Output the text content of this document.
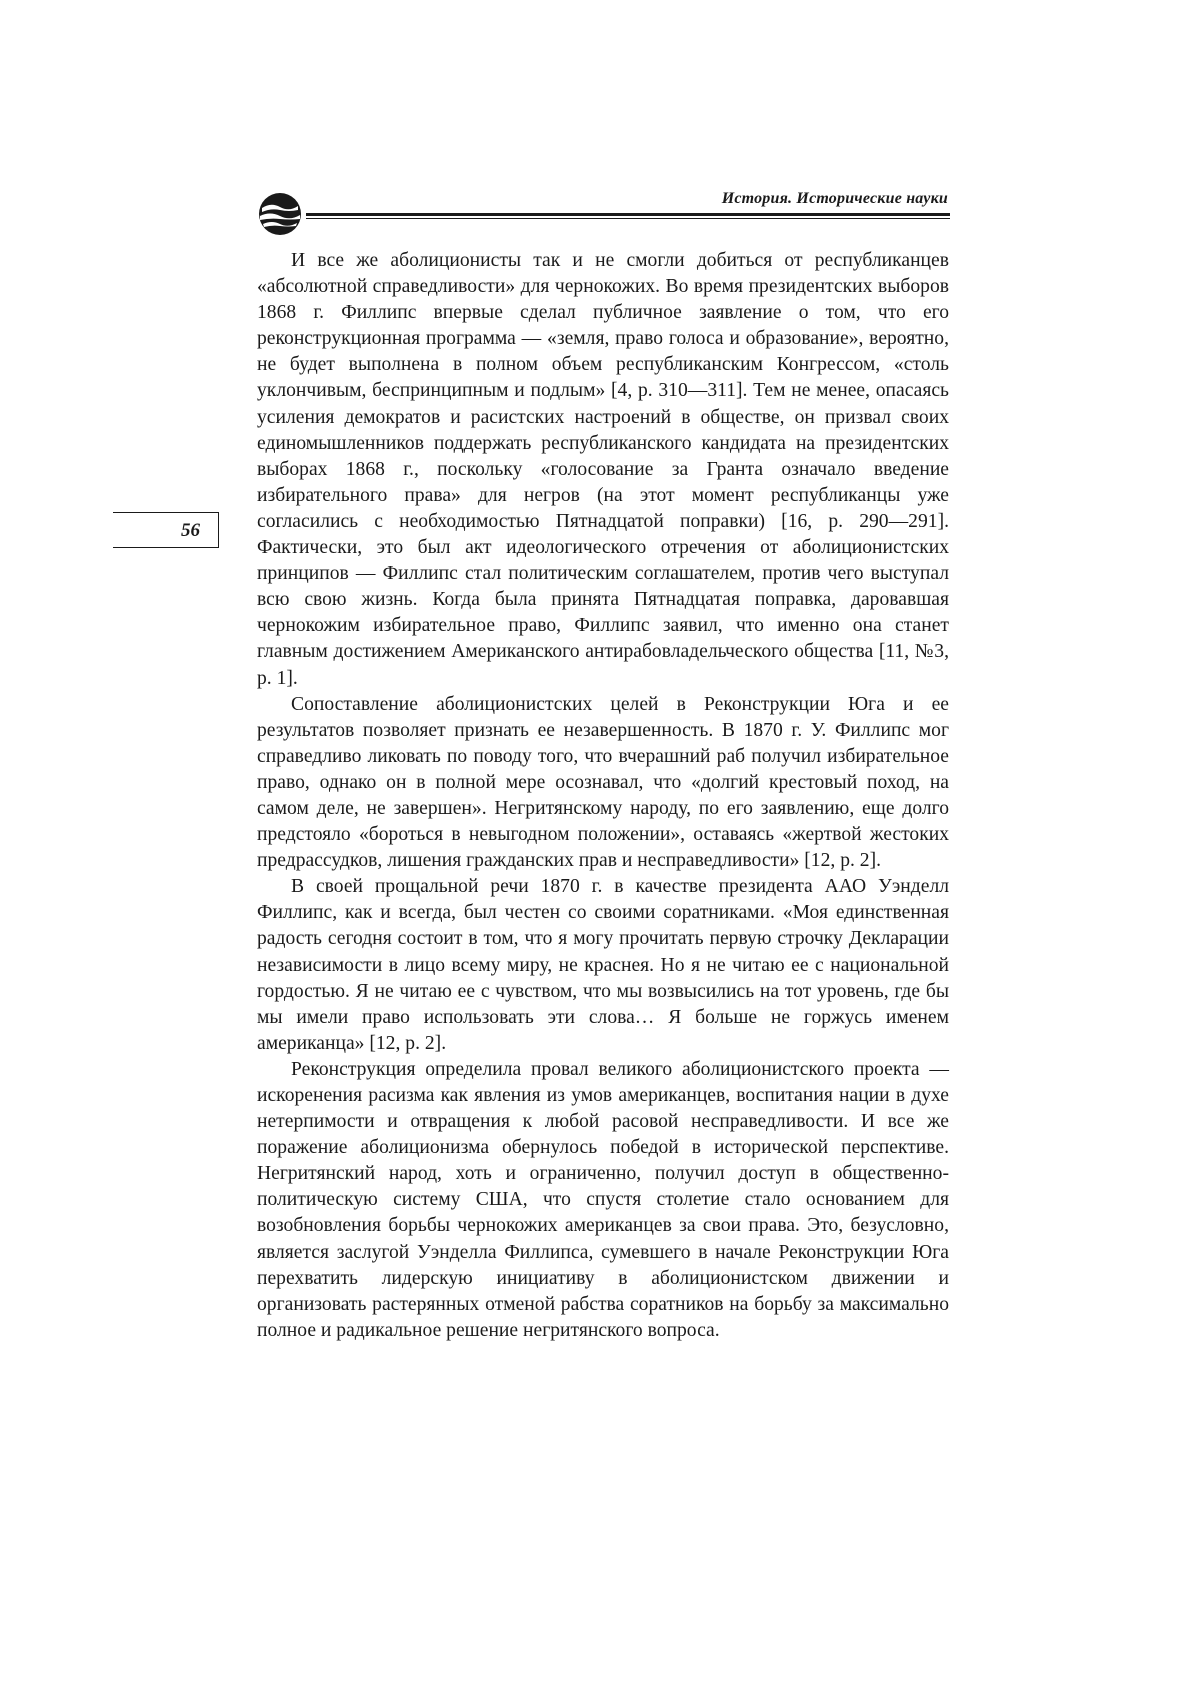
История. Исторические науки
56

И все же аболиционисты так и не смогли добиться от республиканцев «абсолютной справедливости» для чернокожих. Во время президентских выборов 1868 г. Филлипс впервые сделал публичное заявление о том, что его реконструкционная программа — «земля, право голоса и образование», вероятно, не будет выполнена в полном объем республиканским Конгрессом, «столь уклончивым, беспринципным и подлым» [4, p. 310—311]. Тем не менее, опасаясь усиления демократов и расистских настроений в обществе, он призвал своих единомышленников поддержать республиканского кандидата на президентских выборах 1868 г., поскольку «голосование за Гранта означало введение избирательного права» для негров (на этот момент республиканцы уже согласились с необходимостью Пятнадцатой поправки) [16, p. 290—291]. Фактически, это был акт идеологического отречения от аболиционистских принципов — Филлипс стал политическим соглашателем, против чего выступал всю свою жизнь. Когда была принята Пятнадцатая поправка, даровавшая чернокожим избирательное право, Филлипс заявил, что именно она станет главным достижением Американского антирабовладельческого общества [11, №3, p. 1].

Сопоставление аболиционистских целей в Реконструкции Юга и ее результатов позволяет признать ее незавершенность. В 1870 г. У. Филлипс мог справедливо ликовать по поводу того, что вчерашний раб получил избирательное право, однако он в полной мере осознавал, что «долгий крестовый поход, на самом деле, не завершен». Негритянскому народу, по его заявлению, еще долго предстояло «бороться в невыгодном положении», оставаясь «жертвой жестоких предрассудков, лишения гражданских прав и несправедливости» [12, p. 2].

В своей прощальной речи 1870 г. в качестве президента ААО Уэнделл Филлипс, как и всегда, был честен со своими соратниками. «Моя единственная радость сегодня состоит в том, что я могу прочитать первую строчку Декларации независимости в лицо всему миру, не краснея. Но я не читаю ее с национальной гордостью. Я не читаю ее с чувством, что мы возвысились на тот уровень, где бы мы имели право использовать эти слова… Я больше не горжусь именем американца» [12, p. 2].

Реконструкция определила провал великого аболиционистского проекта — искоренения расизма как явления из умов американцев, воспитания нации в духе нетерпимости и отвращения к любой расовой несправедливости. И все же поражение аболиционизма обернулось победой в исторической перспективе. Негритянский народ, хоть и ограниченно, получил доступ в общественно-политическую систему США, что спустя столетие стало основанием для возобновления борьбы чернокожих американцев за свои права. Это, безусловно, является заслугой Уэнделла Филлипса, сумевшего в начале Реконструкции Юга перехватить лидерскую инициативу в аболиционистском движении и организовать растерянных отменой рабства соратников на борьбу за максимально полное и радикальное решение негритянского вопроса.
